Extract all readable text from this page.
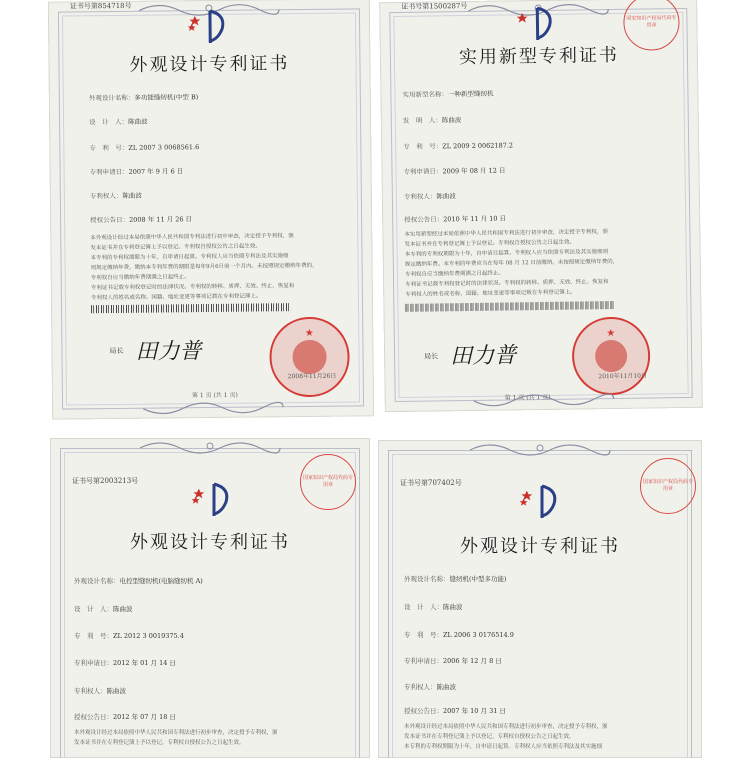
证书号第854718号
外观设计专利证书
外观设计名称：多功能缝纫机(中型 B)
设　计　人：陈曲波
专　利　号：ZL 2007 3 0068561.6
专利申请日：2007 年 9 月 6 日
专利权人：陈曲波
授权公告日：2008 年 11 月 26 日

本外观设计经过本局依照中华人民共和国专利法进行初步审查，决定授予专利权，颁

发本证书并在专利登记簿上予以登记。专利权自授权公告之日起生效。

本专利的专利权期限为十年，自申请日起算。专利权人应当依照专利法及其实施细

则规定缴纳年费。缴纳本专利年费的期限是每年9月6日前一个月内。未按照规定缴纳年费的，

专利权自应当缴纳年费期满之日起终止。

专利证书记载专利权登记时的法律状况。专利权的转移、质押、无效、终止、恢复和

专利权人的姓名或名称、国籍、地址变更等事项记载在专利登记簿上。

局长 田力普
★
2008年11月26日
第 1 页 (共 1 页)
证书号第1500287号
国家知识产权局代码专用章
实用新型专利证书
实用新型名称：一种新型缝纫机
发　明　人：陈曲波
专　利　号：ZL 2009 2 0062187.2
专利申请日：2009 年 08 月 12 日
专利权人：陈曲波
授权公告日：2010 年 11 月 10 日

本实用新型经过本局依照中华人民共和国专利法进行初步审查，决定授予专利权，颁

发本证书并在专利登记簿上予以登记。专利权自授权公告之日起生效。

本专利的专利权期限为十年，自申请日起算。专利权人应当依照专利法及其实施细则

规定缴纳年费。本专利的年费应当在每年 08 月 12 日前缴纳。未按照规定缴纳年费的，

专利权自应当缴纳年费期满之日起终止。

专利证书记载专利权登记时的法律状况。专利权的转移、质押、无效、终止、恢复和

专利权人的姓名或名称、国籍、地址变更等事项记载在专利登记簿上。

局长 田力普
★
2010年11月10日
第 1 页 (共 1 页)
证书号第2003213号	国家知识产权局代码专用章
外观设计专利证书
外观设计名称：电控型缝纫机(电脑缝纫机 A)
设　计　人：陈曲波
专　利　号：ZL 2012 3 0019375.4
专利申请日：2012 年 01 月 14 日
专利权人：陈曲波
授权公告日：2012 年 07 月 18 日

本外观设计经过本局依照中华人民共和国专利法进行初步审查，决定授予专利权，颁

发本证书并在专利登记簿上予以登记。专利权自授权公告之日起生效。

证书号第707402号	国家知识产权局代码专用章
外观设计专利证书
外观设计名称：缝纫机(中型多功能)
设　计　人：陈曲波
专　利　号：ZL 2006 3 0176514.9
专利申请日：2006 年 12 月 8 日
专利权人：陈曲波
授权公告日：2007 年 10 月 31 日

本外观设计经过本局依照中华人民共和国专利法进行初步审查，决定授予专利权，颁

发本证书并在专利登记簿上予以登记。专利权自授权公告之日起生效。

本专利的专利权期限为十年，自申请日起算。专利权人应当依照专利法及其实施细
